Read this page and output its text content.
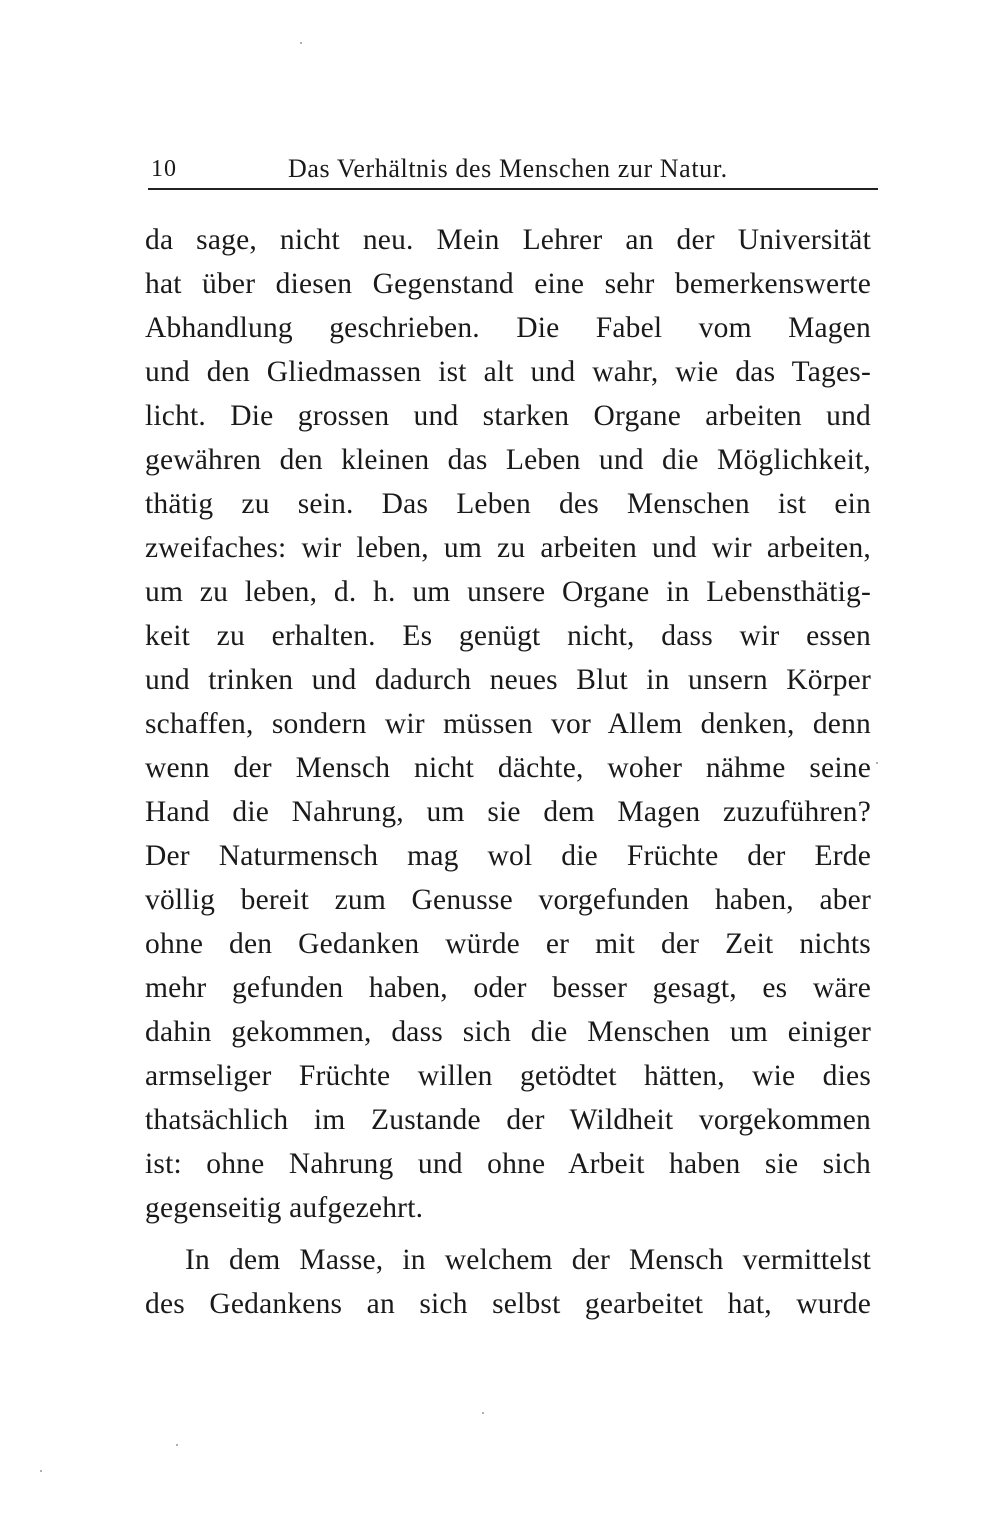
10	Das Verhältnis des Menschen zur Natur.
da sage, nicht neu. Mein Lehrer an der Universität
hat über diesen Gegenstand eine sehr bemerkenswerte
Abhandlung geschrieben. Die Fabel vom Magen
und den Gliedmassen ist alt und wahr, wie das Tages-
licht. Die grossen und starken Organe arbeiten und
gewähren den kleinen das Leben und die Möglichkeit,
thätig zu sein. Das Leben des Menschen ist ein
zweifaches: wir leben, um zu arbeiten und wir arbeiten,
um zu leben, d. h. um unsere Organe in Lebensthätig-
keit zu erhalten. Es genügt nicht, dass wir essen
und trinken und dadurch neues Blut in unsern Körper
schaffen, sondern wir müssen vor Allem denken, denn
wenn der Mensch nicht dächte, woher nähme seine
Hand die Nahrung, um sie dem Magen zuzuführen?
Der Naturmensch mag wol die Früchte der Erde
völlig bereit zum Genusse vorgefunden haben, aber
ohne den Gedanken würde er mit der Zeit nichts
mehr gefunden haben, oder besser gesagt, es wäre
dahin gekommen, dass sich die Menschen um einiger
armseliger Früchte willen getödtet hätten, wie dies
thatsächlich im Zustande der Wildheit vorgekommen
ist: ohne Nahrung und ohne Arbeit haben sie sich
gegenseitig aufgezehrt.
In dem Masse, in welchem der Mensch vermittelst
des Gedankens an sich selbst gearbeitet hat, wurde
